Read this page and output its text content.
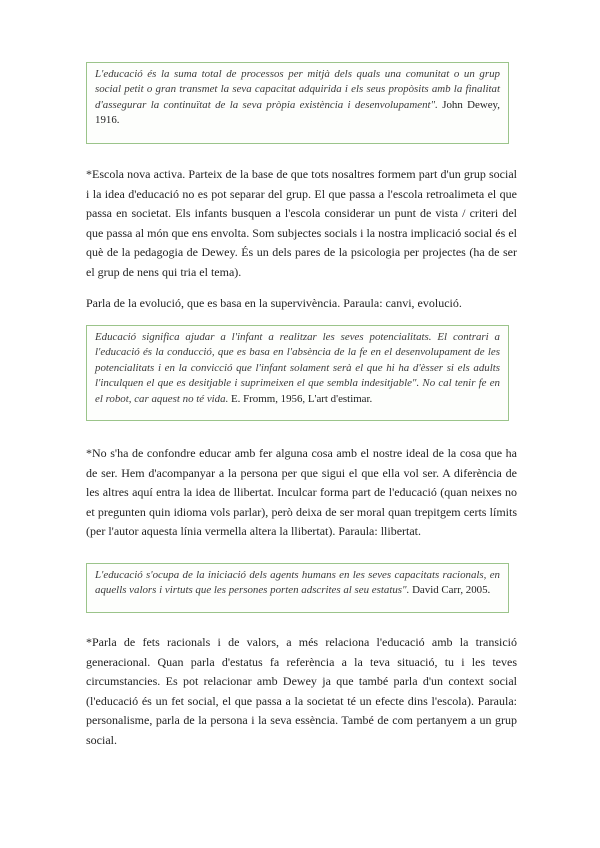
L'educació és la suma total de processos per mitjà dels quals una comunitat o un grup social petit o gran transmet la seva capacitat adquirida i els seus propòsits amb la finalitat d'assegurar la continuïtat de la seva pròpia existència i desenvolupament". John Dewey, 1916.

*Escola nova activa. Parteix de la base de que tots nosaltres formem part d'un grup social i la idea d'educació no es pot separar del grup. El que passa a l'escola retroalimeta el que passa en societat. Els infants busquen a l'escola considerar un punt de vista / criteri del que passa al món que ens envolta. Som subjectes socials i la nostra implicació social és el què de la pedagogia de Dewey. És un dels pares de la psicologia per projectes (ha de ser el grup de nens qui tria el tema).

Parla de la evolució, que es basa en la supervivència. Paraula: canvi, evolució.

Educació significa ajudar a l'infant a realitzar les seves potencialitats. El contrari a l'educació és la conducció, que es basa en l'absència de la fe en el desenvolupament de les potencialitats i en la convicció que l'infant solament serà el que hi ha d'èsser si els adults l'inculquen el que es desitjable i suprimeixen el que sembla indesitjable". No cal tenir fe en el robot, car aquest no té vida. E. Fromm, 1956, L'art d'estimar.

*No s'ha de confondre educar amb fer alguna cosa amb el nostre ideal de la cosa que ha de ser. Hem d'acompanyar a la persona per que sigui el que ella vol ser. A diferència de les altres aquí entra la idea de llibertat. Inculcar forma part de l'educació (quan neixes no et pregunten quin idioma vols parlar), però deixa de ser moral quan trepitgem certs límits (per l'autor aquesta línia vermella altera la llibertat). Paraula: llibertat.

L'educació s'ocupa de la iniciació dels agents humans en les seves capacitats racionals, en aquells valors i virtuts que les persones porten adscrites al seu estatus". David Carr, 2005.

*Parla de fets racionals i de valors, a més relaciona l'educació amb la transició generacional. Quan parla d'estatus fa referència a la teva situació, tu i les teves circumstancies. Es pot relacionar amb Dewey ja que també parla d'un context social (l'educació és un fet social, el que passa a la societat té un efecte dins l'escola). Paraula: personalisme, parla de la persona i la seva essència. També de com pertanyem a un grup social.
